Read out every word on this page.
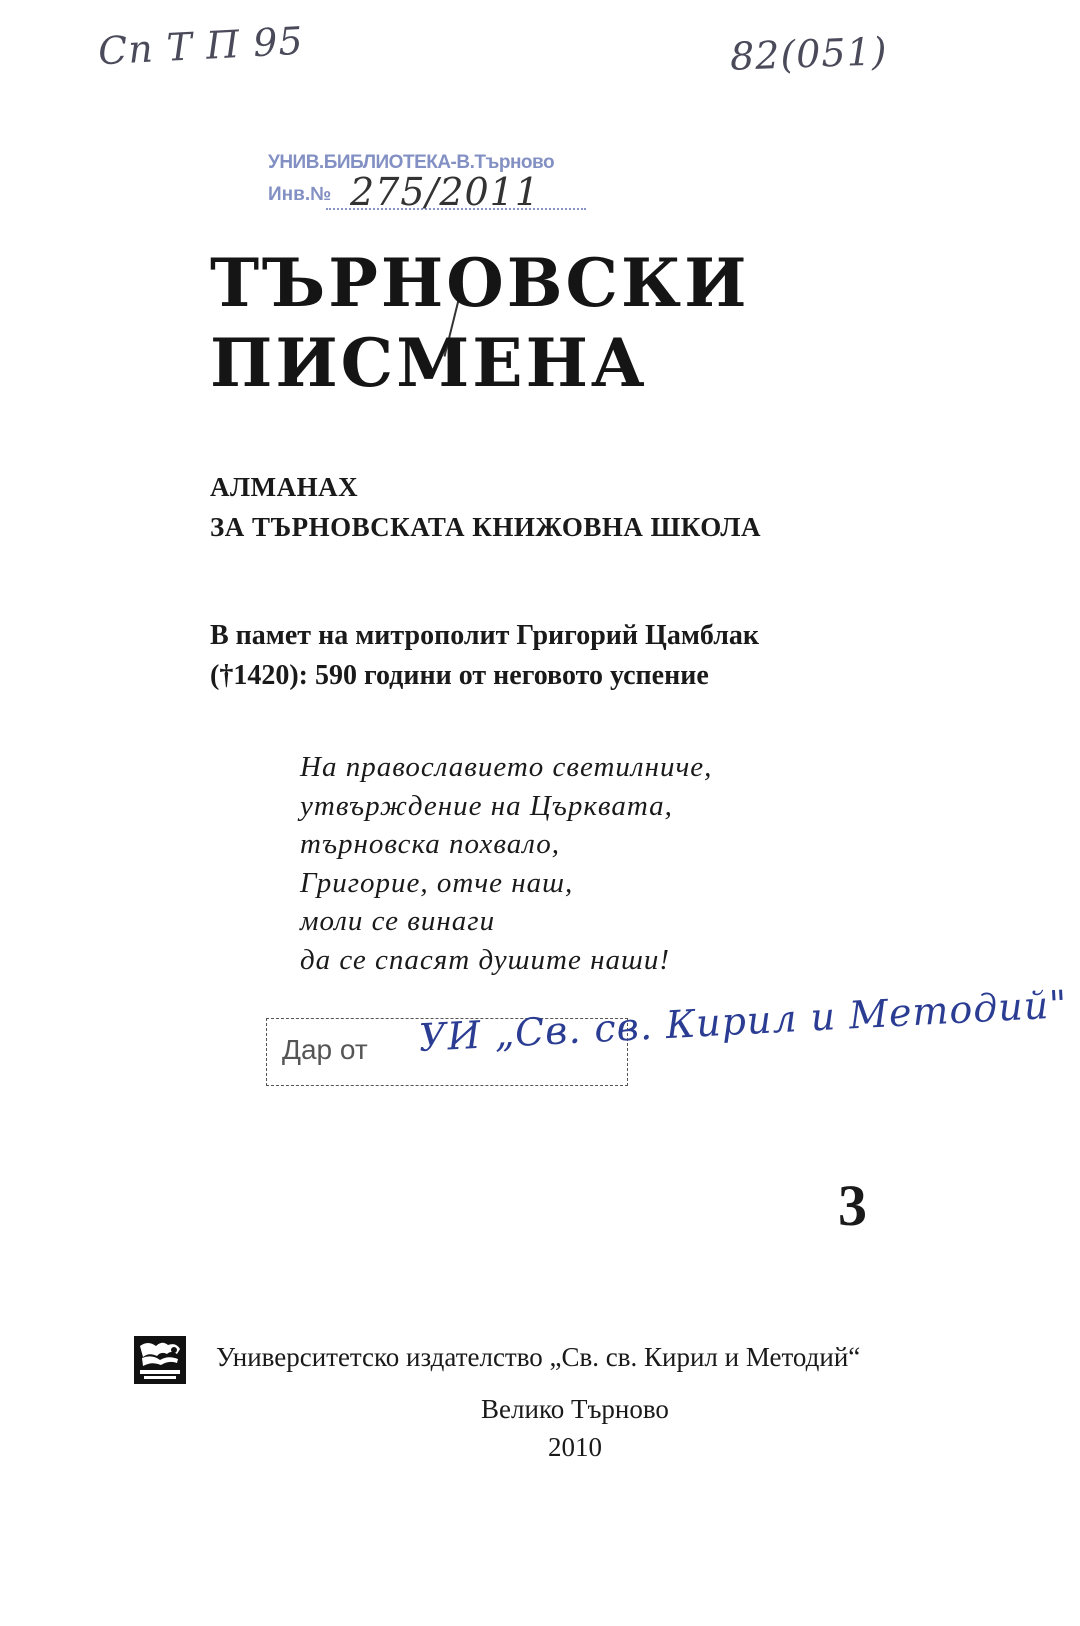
Сп Т П 95	82(051)
УНИВ.БИБЛИОТЕКА-В.Търново
Инв.№ 275/2011
ТЪРНОВСКИ
ПИСМЕНА
АЛМАНАХ
ЗА ТЪРНОВСКАТА КНИЖОВНА ШКОЛА
В памет на митрополит Григорий Цамблак
(†1420): 590 години от неговото успение
На православието светилниче,
утвърждение на Църквата,
търновска похвало,
Григорие, отче наш,
моли се винаги
да се спасят душите наши!
Дар от УИ „Св. св. Кирил и Методий"
3
Университетско издателство „Св. св. Кирил и Методий“
Велико Търново
2010
